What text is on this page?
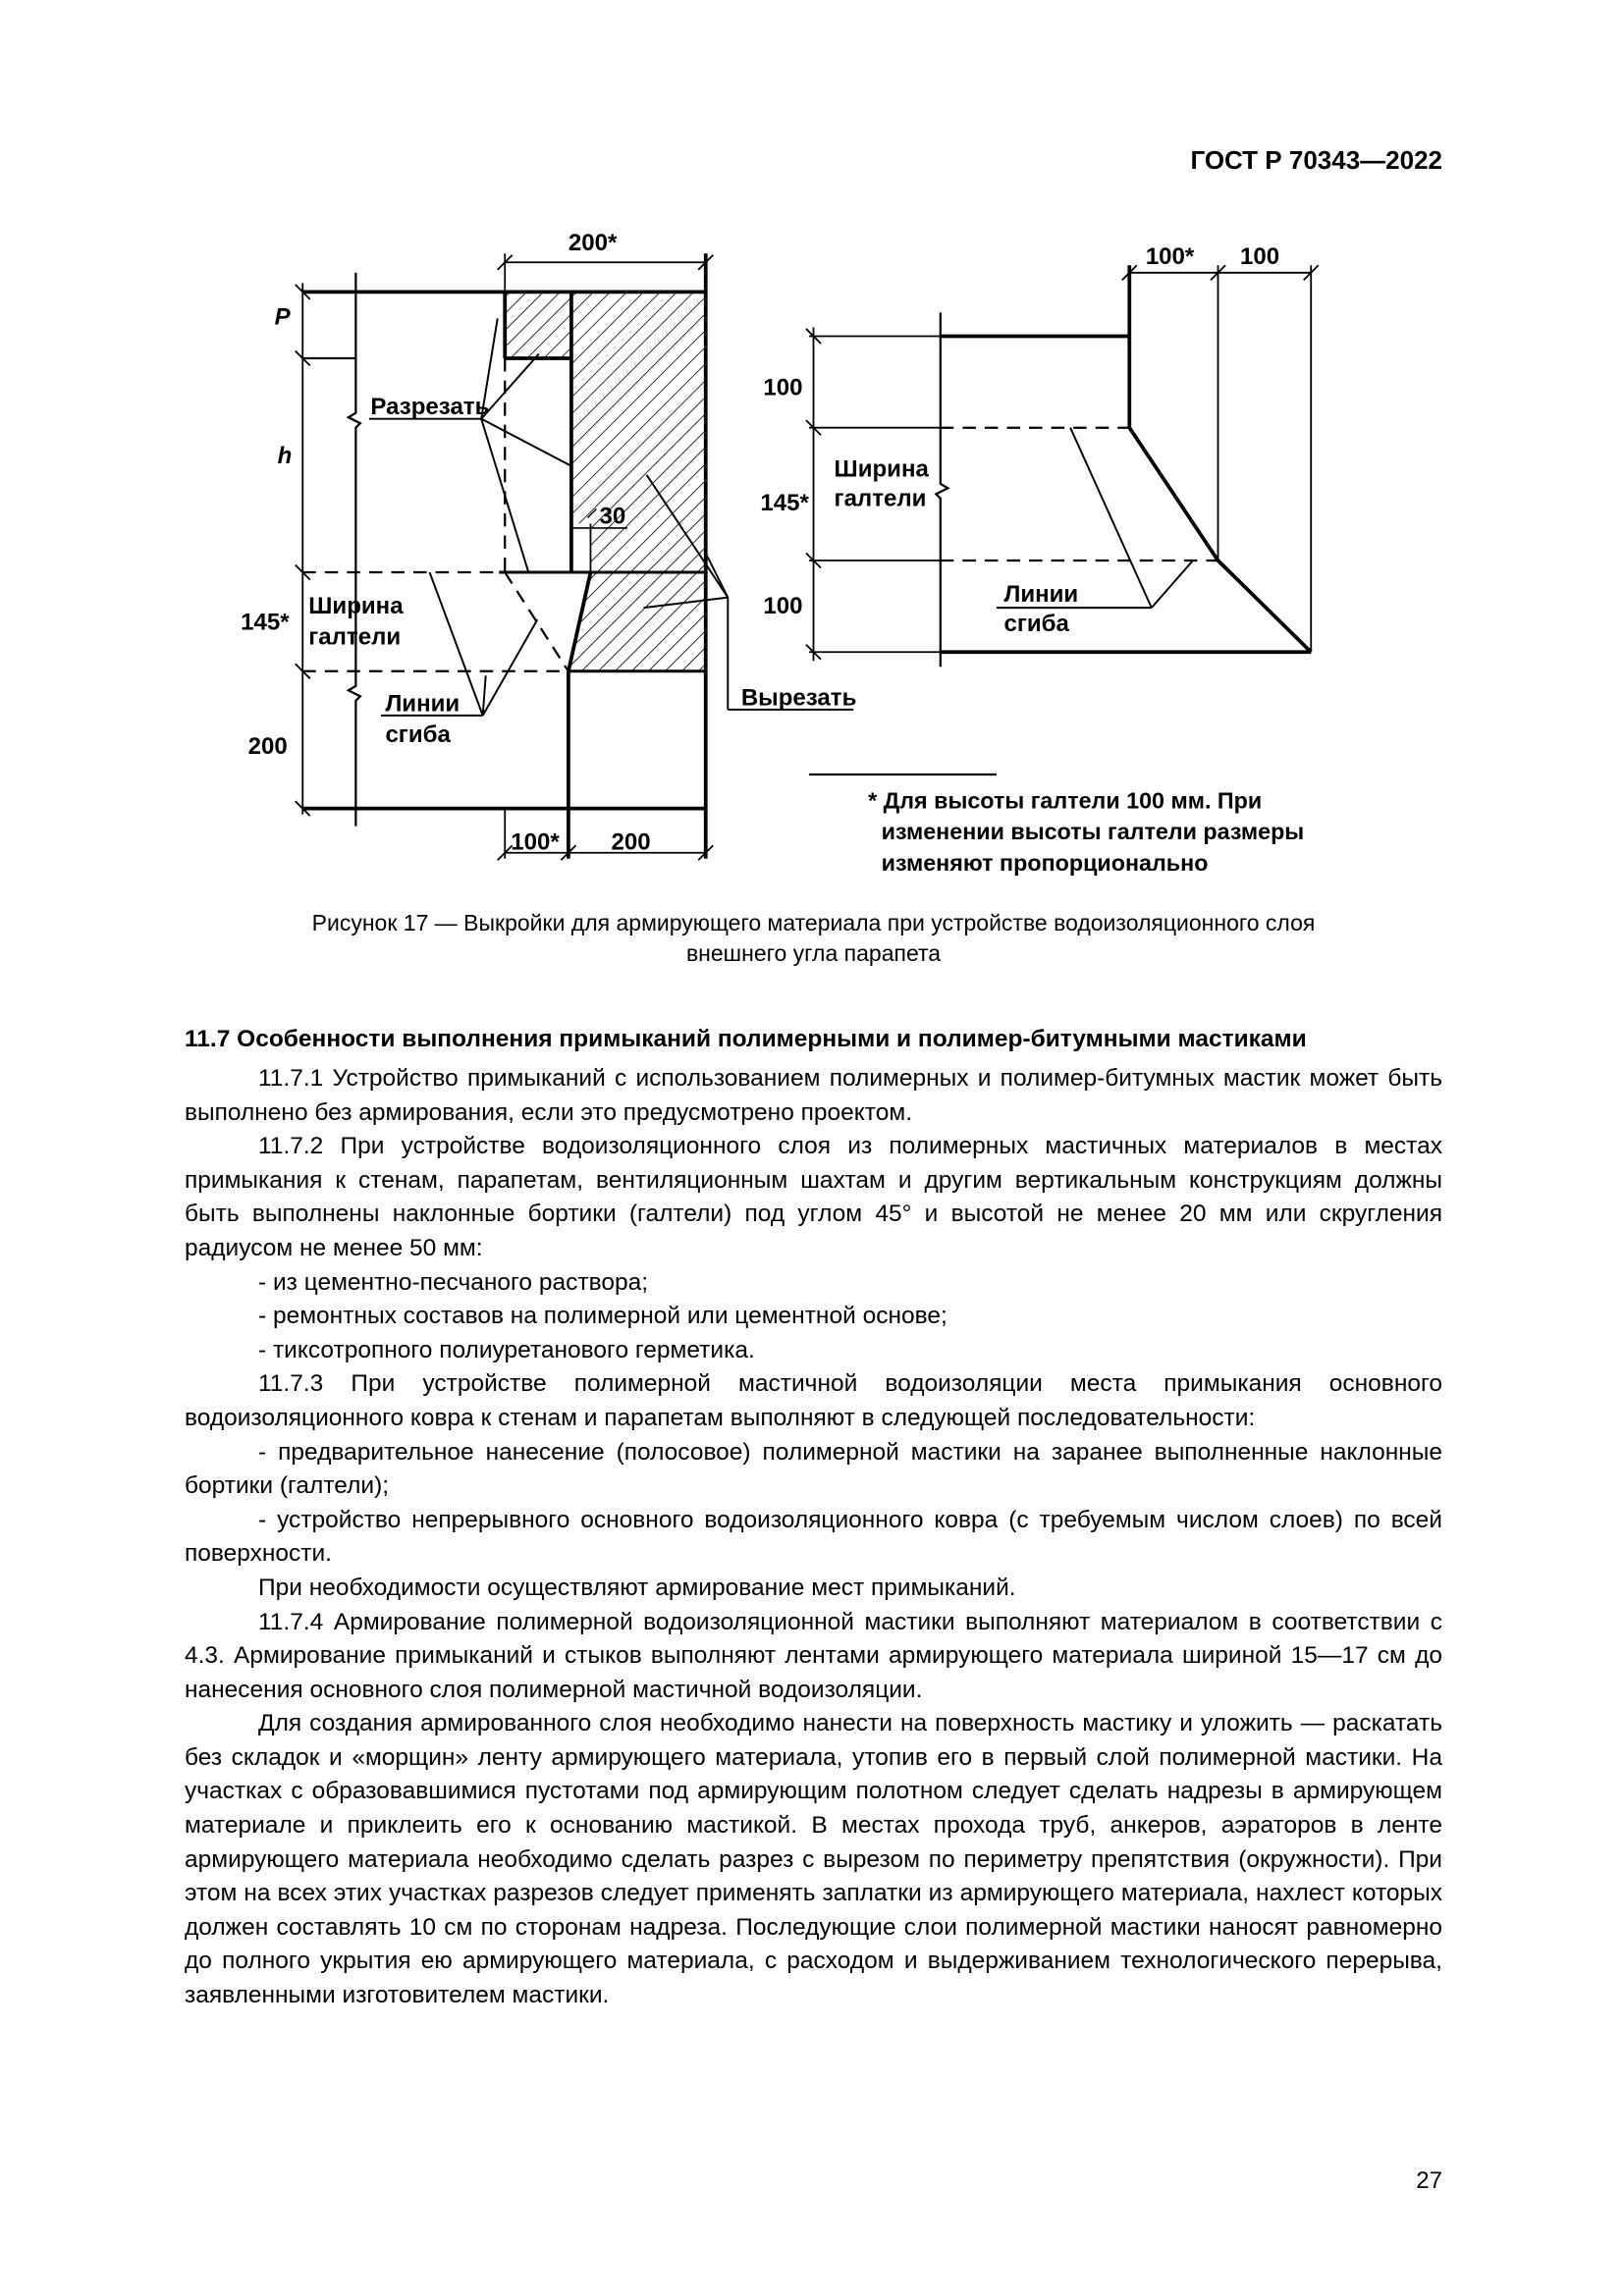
ГОСТ Р 70343—2022
200*
P
h
145*
200
100*	200
30
Разрезать
Ширина
галтели
Линии
сгиба
Вырезать
100*	100
100
145*
100
Ширина
галтели
Линии
сгиба
* Для высоты галтели 100 мм. При
изменении высоты галтели размеры
изменяют пропорционально
Рисунок 17 — Выкройки для армирующего материала при устройстве водоизоляционного слоя
внешнего угла парапета
11.7 Особенности выполнения примыканий полимерными и полимер-битумными мастиками

11.7.1 Устройство примыканий с использованием полимерных и полимер-битумных мастик может быть выполнено без армирования, если это предусмотрено проектом.

11.7.2 При устройстве водоизоляционного слоя из полимерных мастичных материалов в местах примыкания к стенам, парапетам, вентиляционным шахтам и другим вертикальным конструкциям должны быть выполнены наклонные бортики (галтели) под углом 45° и высотой не менее 20 мм или скругления радиусом не менее 50 мм:

- из цементно-песчаного раствора;

- ремонтных составов на полимерной или цементной основе;

- тиксотропного полиуретанового герметика.

11.7.3 При устройстве полимерной мастичной водоизоляции места примыкания основного водоизоляционного ковра к стенам и парапетам выполняют в следующей последовательности:

- предварительное нанесение (полосовое) полимерной мастики на заранее выполненные наклонные бортики (галтели);

- устройство непрерывного основного водоизоляционного ковра (с требуемым числом слоев) по всей поверхности.

При необходимости осуществляют армирование мест примыканий.

11.7.4 Армирование полимерной водоизоляционной мастики выполняют материалом в соответствии с 4.3. Армирование примыканий и стыков выполняют лентами армирующего материала шириной 15—17 см до нанесения основного слоя полимерной мастичной водоизоляции.

Для создания армированного слоя необходимо нанести на поверхность мастику и уложить — раскатать без складок и «морщин» ленту армирующего материала, утопив его в первый слой полимерной мастики. На участках с образовавшимися пустотами под армирующим полотном следует сделать надрезы в армирующем материале и приклеить его к основанию мастикой. В местах прохода труб, анкеров, аэраторов в ленте армирующего материала необходимо сделать разрез с вырезом по периметру препятствия (окружности). При этом на всех этих участках разрезов следует применять заплатки из армирующего материала, нахлест которых должен составлять 10 см по сторонам надреза. Последующие слои полимерной мастики наносят равномерно до полного укрытия ею армирующего материала, с расходом и выдерживанием технологического перерыва, заявленными изготовителем мастики.

27
